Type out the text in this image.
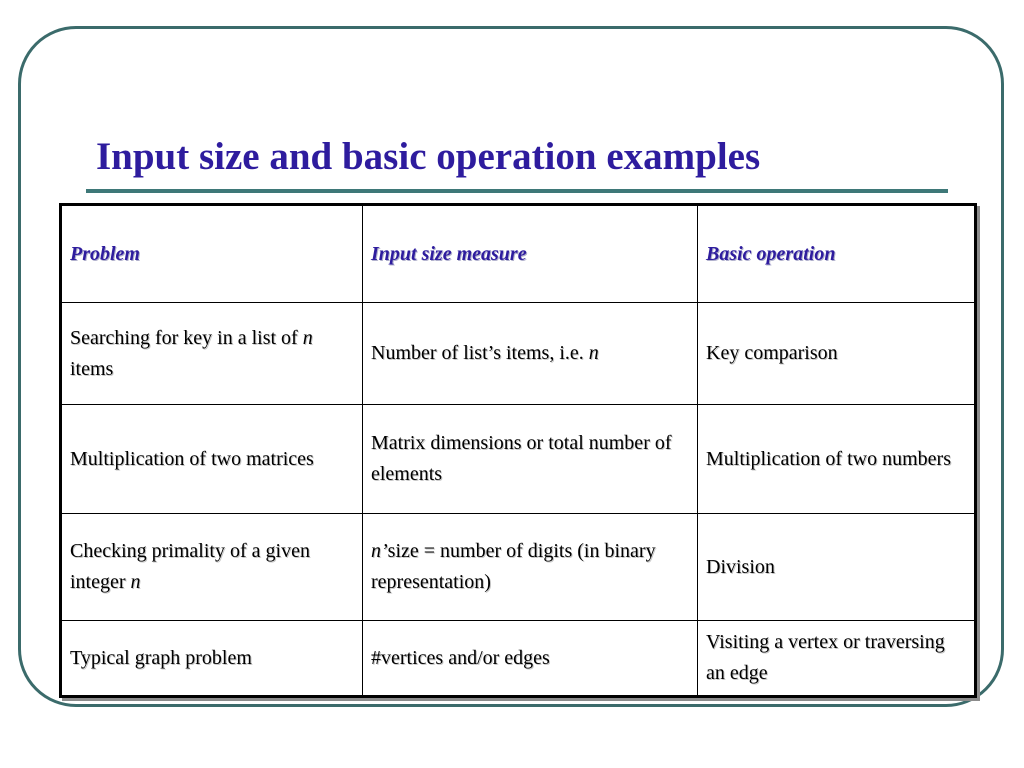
Input size and basic operation examples
Problem	Input size measure	Basic operation
Searching for key in a list of n items	Number of list’s items, i.e. n	Key comparison
Multiplication of two matrices	Matrix dimensions or total number of elements	Multiplication of two numbers
Checking primality of a given integer n	n’size = number of digits (in binary representation)	Division
Typical graph problem	#vertices and/or edges	Visiting a vertex or traversing an edge
